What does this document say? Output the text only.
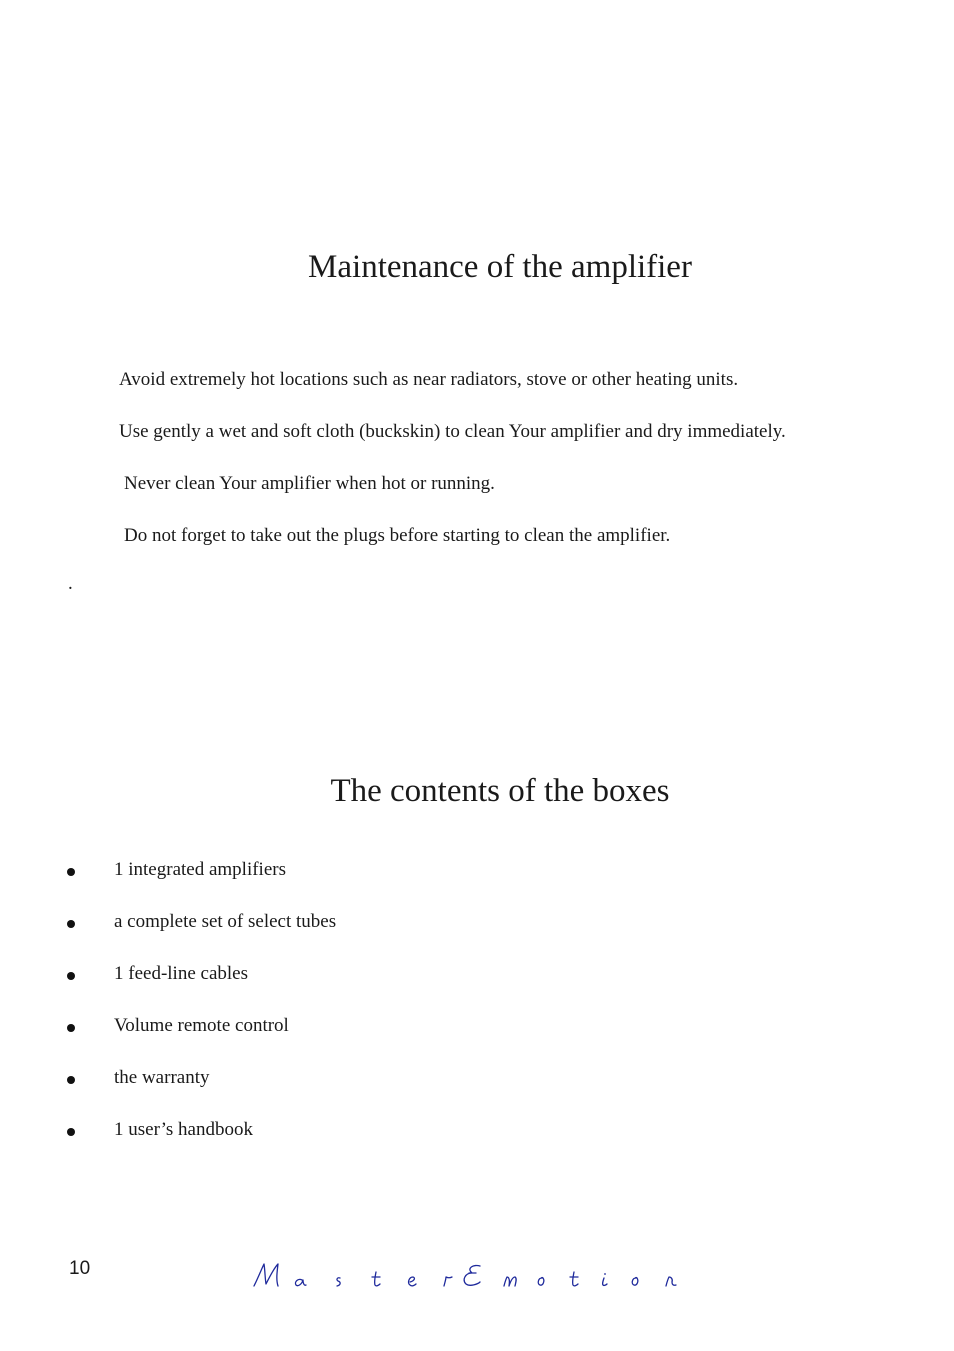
Maintenance of the amplifier

Avoid extremely hot locations such as near radiators, stove or other heating units.

Use gently a wet and soft cloth (buckskin) to clean Your amplifier and dry immediately.

Never clean Your amplifier when hot or running.

Do not forget to take out the plugs before starting to clean the amplifier.

.
The contents of the boxes
1 integrated amplifiers
a complete set of select tubes
1 feed-line cables
Volume remote control
the warranty
1 user’s handbook
10
